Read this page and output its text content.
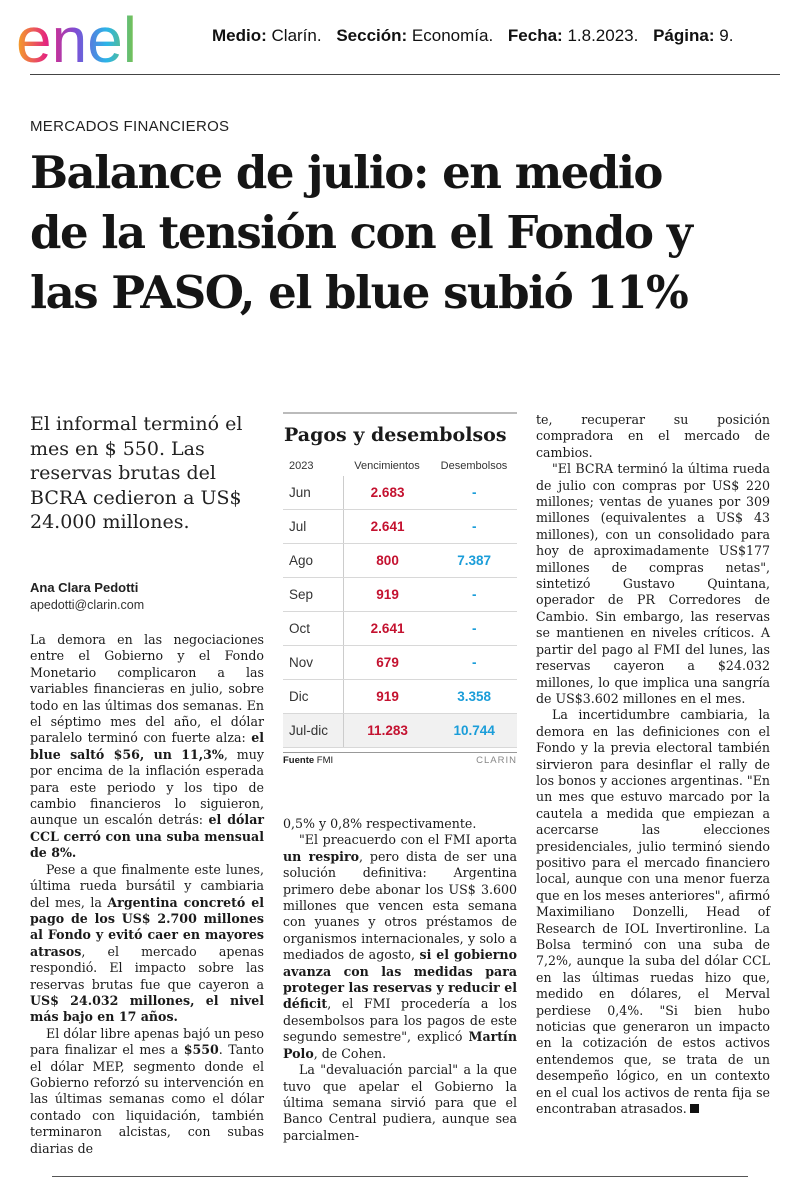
enel	Medio: Clarín. Sección: Economía. Fecha: 1.8.2023. Página: 9.
MERCADOS FINANCIEROS
Balance de julio: en medio
de la tensión con el Fondo y
las PASO, el blue subió 11%
El informal terminó el mes en $ 550. Las reservas brutas del BCRA cedieron a US$ 24.000 millones.
Ana Clara Pedotti
apedotti@clarin.com

La demora en las negociaciones entre el Gobierno y el Fondo Monetario complicaron a las variables financieras en julio, sobre todo en las últimas dos semanas. En el séptimo mes del año, el dólar paralelo terminó con fuerte alza: el blue saltó $56, un 11,3%, muy por encima de la inflación esperada para este periodo y los tipo de cambio financieros lo siguieron, aunque un escalón detrás: el dólar CCL cerró con una suba mensual de 8%.

Pese a que finalmente este lunes, última rueda bursátil y cambiaria del mes, la Argentina concretó el pago de los US$ 2.700 millones al Fondo y evitó caer en mayores atrasos, el mercado apenas respondió. El impacto sobre las reservas brutas fue que cayeron a US$ 24.032 millones, el nivel más bajo en 17 años.

El dólar libre apenas bajó un peso para finalizar el mes a $550. Tanto el dólar MEP, segmento donde el Gobierno reforzó su intervención en las últimas semanas como el dólar contado con liquidación, también terminaron alcistas, con subas diarias de

Pagos y desembolsos
2023	Vencimientos	Desembolsos
Jun	2.683	-
Jul	2.641	-
Ago	800	7.387
Sep	919	-
Oct	2.641	-
Nov	679	-
Dic	919	3.358
Jul-dic	11.283	10.744
Fuente FMI	CLARIN

0,5% y 0,8% respectivamente.

"El preacuerdo con el FMI aporta un respiro, pero dista de ser una solución definitiva: Argentina primero debe abonar los US$ 3.600 millones que vencen esta semana con yuanes y otros préstamos de organismos internacionales, y solo a mediados de agosto, si el gobierno avanza con las medidas para proteger las reservas y reducir el déficit, el FMI procedería a los desembolsos para los pagos de este segundo semestre", explicó Martín Polo, de Cohen.

La "devaluación parcial" a la que tuvo que apelar el Gobierno la última semana sirvió para que el Banco Central pudiera, aunque sea parcialmen-

te, recuperar su posición compradora en el mercado de cambios.

"El BCRA terminó la última rueda de julio con compras por US$ 220 millones; ventas de yuanes por 309 millones (equivalentes a US$ 43 millones), con un consolidado para hoy de aproximadamente US$177 millones de compras netas", sintetizó Gustavo Quintana, operador de PR Corredores de Cambio. Sin embargo, las reservas se mantienen en niveles críticos. A partir del pago al FMI del lunes, las reservas cayeron a $24.032 millones, lo que implica una sangría de US$3.602 millones en el mes.

La incertidumbre cambiaria, la demora en las definiciones con el Fondo y la previa electoral también sirvieron para desinflar el rally de los bonos y acciones argentinas. "En un mes que estuvo marcado por la cautela a medida que empiezan a acercarse las elecciones presidenciales, julio terminó siendo positivo para el mercado financiero local, aunque con una menor fuerza que en los meses anteriores", afirmó Maximiliano Donzelli, Head of Research de IOL Invertironline. La Bolsa terminó con una suba de 7,2%, aunque la suba del dólar CCL en las últimas ruedas hizo que, medido en dólares, el Merval perdiese 0,4%. "Si bien hubo noticias que generaron un impacto en la cotización de estos activos entendemos que, se trata de un desempeño lógico, en un contexto en el cual los activos de renta fija se encontraban atrasados.
